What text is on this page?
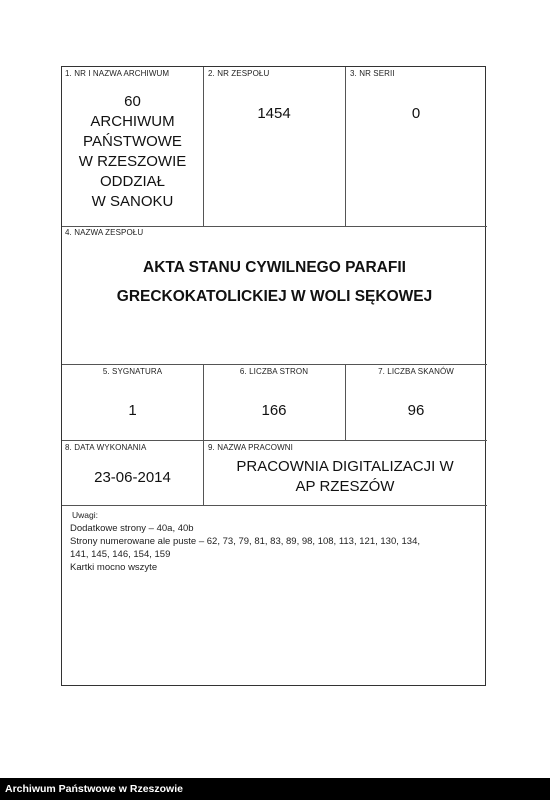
1. NR I NAZWA ARCHIWUM
60
ARCHIWUM
PAŃSTWOWE
W RZESZOWIE
ODDZIAŁ
W SANOKU
2. NR ZESPOŁU
1454
3. NR SERII
0
4. NAZWA ZESPOŁU
AKTA STANU CYWILNEGO PARAFII
GRECKOKATOLICKIEJ W WOLI SĘKOWEJ
5. SYGNATURA
1
6. LICZBA STRON
166
7. LICZBA SKANÓW
96
8. DATA WYKONANIA
23-06-2014
9. NAZWA PRACOWNI
PRACOWNIA DIGITALIZACJI W
AP RZESZÓW
Uwagi:
Dodatkowe strony – 40a, 40b
Strony numerowane ale puste – 62, 73, 79, 81, 83, 89, 98, 108, 113, 121, 130, 134,
141, 145, 146, 154, 159
Kartki mocno wszyte
Archiwum Państwowe w Rzeszowie
